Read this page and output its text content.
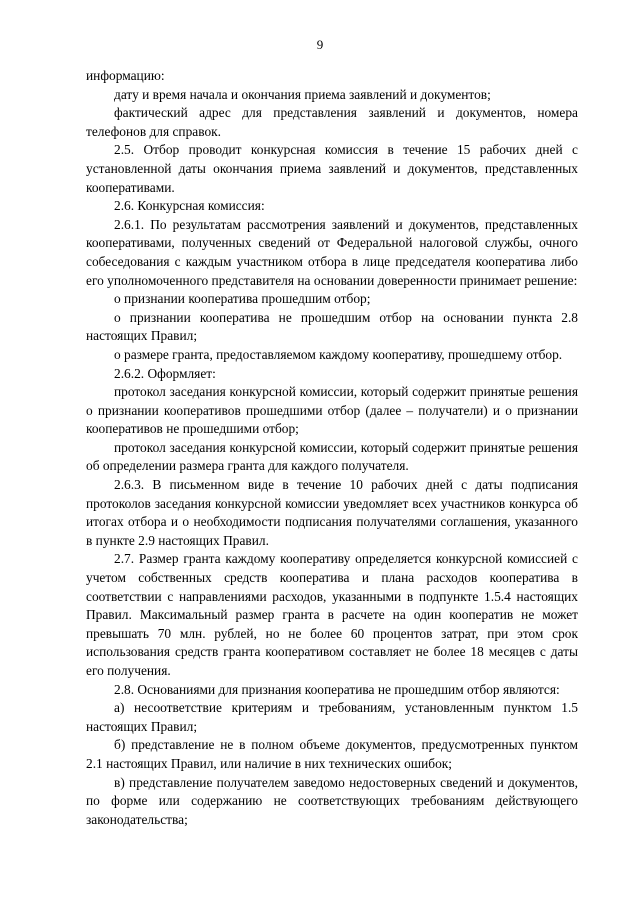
9

информацию:

дату и время начала и окончания приема заявлений и документов;

фактический адрес для представления заявлений и документов, номера телефонов для справок.

2.5. Отбор проводит конкурсная комиссия в течение 15 рабочих дней с установленной даты окончания приема заявлений и документов, представленных кооперативами.

2.6. Конкурсная комиссия:

2.6.1. По результатам рассмотрения заявлений и документов, представленных кооперативами, полученных сведений от Федеральной налоговой службы, очного собеседования с каждым участником отбора в лице председателя кооператива либо его уполномоченного представителя на основании доверенности принимает решение:

о признании кооператива прошедшим отбор;

о признании кооператива не прошедшим отбор на основании пункта 2.8 настоящих Правил;

о размере гранта, предоставляемом каждому кооперативу, прошедшему отбор.

2.6.2. Оформляет:

протокол заседания конкурсной комиссии, который содержит принятые решения о признании кооперативов прошедшими отбор (далее – получатели) и о признании кооперативов не прошедшими отбор;

протокол заседания конкурсной комиссии, который содержит принятые решения об определении размера гранта для каждого получателя.

2.6.3. В письменном виде в течение 10 рабочих дней с даты подписания протоколов заседания конкурсной комиссии уведомляет всех участников конкурса об итогах отбора и о необходимости подписания получателями соглашения, указанного в пункте 2.9 настоящих Правил.

2.7. Размер гранта каждому кооперативу определяется конкурсной комиссией с учетом собственных средств кооператива и плана расходов кооператива в соответствии с направлениями расходов, указанными в подпункте 1.5.4 настоящих Правил. Максимальный размер гранта в расчете на один кооператив не может превышать 70 млн. рублей, но не более 60 процентов затрат, при этом срок использования средств гранта кооперативом составляет не более 18 месяцев с даты его получения.

2.8. Основаниями для признания кооператива не прошедшим отбор являются:

а) несоответствие критериям и требованиям, установленным пунктом 1.5 настоящих Правил;

б) представление не в полном объеме документов, предусмотренных пунктом 2.1 настоящих Правил, или наличие в них технических ошибок;

в) представление получателем заведомо недостоверных сведений и документов, по форме или содержанию не соответствующих требованиям действующего законодательства;
